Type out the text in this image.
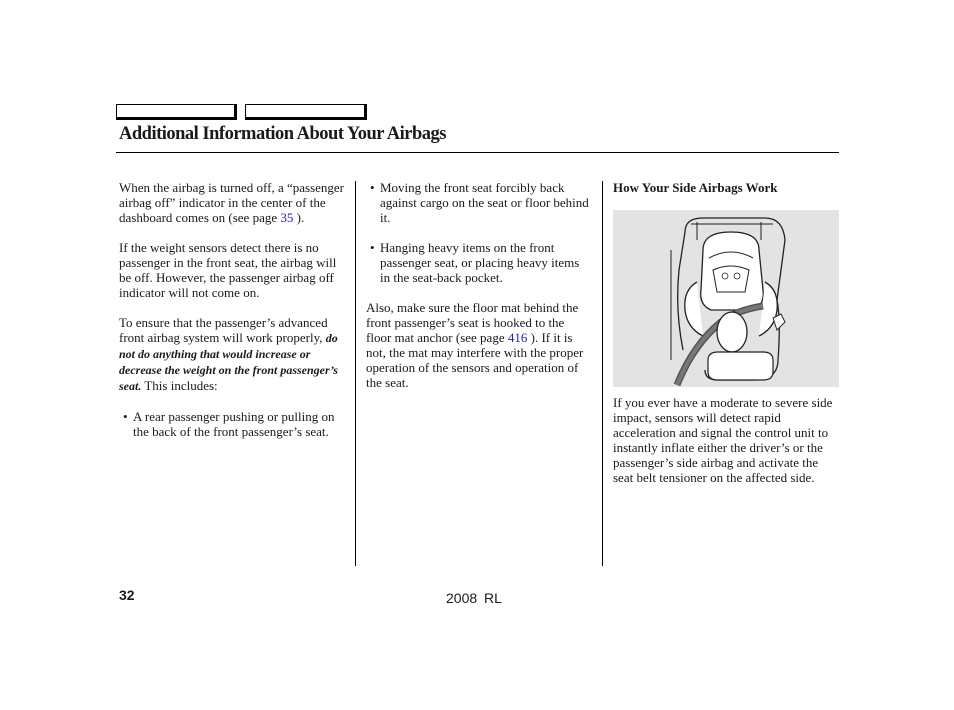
Additional Information About Your Airbags

When the airbag is turned off, a “passenger airbag off” indicator in the center of the dashboard comes on (see page 35 ).

If the weight sensors detect there is no passenger in the front seat, the airbag will be off. However, the passenger airbag off indicator will not come on.

To ensure that the passenger’s advanced front airbag system will work properly, do not do anything that would increase or decrease the weight on the front passenger’s seat. This includes:

• A rear passenger pushing or pulling on the back of the front passenger’s seat.
• Moving the front seat forcibly back against cargo on the seat or floor behind it.
• Hanging heavy items on the front passenger seat, or placing heavy items in the seat-back pocket.

Also, make sure the floor mat behind the front passenger’s seat is hooked to the floor mat anchor (see page 416 ). If it is not, the mat may interfere with the proper operation of the sensors and operation of the seat.

How Your Side Airbags Work

If you ever have a moderate to severe side impact, sensors will detect rapid acceleration and signal the control unit to instantly inflate either the driver’s or the passenger’s side airbag and activate the seat belt tensioner on the affected side.

32	2008 RL
